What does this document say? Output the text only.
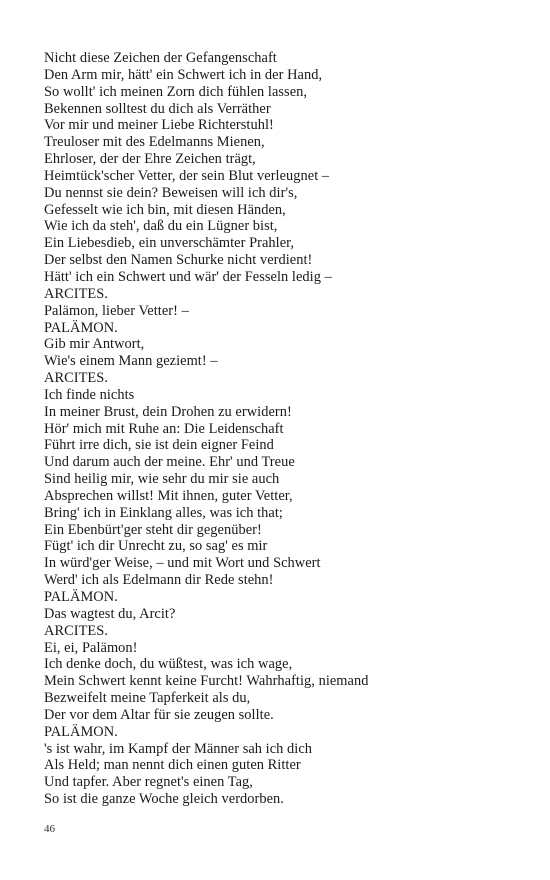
Nicht diese Zeichen der Gefangenschaft
Den Arm mir, hätt' ein Schwert ich in der Hand,
So wollt' ich meinen Zorn dich fühlen lassen,
Bekennen solltest du dich als Verräther
Vor mir und meiner Liebe Richterstuhl!
Treuloser mit des Edelmanns Mienen,
Ehrloser, der der Ehre Zeichen trägt,
Heimtück'scher Vetter, der sein Blut verleugnet –
Du nennst sie dein? Beweisen will ich dir's,
Gefesselt wie ich bin, mit diesen Händen,
Wie ich da steh', daß du ein Lügner bist,
Ein Liebesdieb, ein unverschämter Prahler,
Der selbst den Namen Schurke nicht verdient!
Hätt' ich ein Schwert und wär' der Fesseln ledig –
ARCITES.
Palämon, lieber Vetter! –
PALÄMON.
Gib mir Antwort,
Wie's einem Mann geziemt! –
ARCITES.
Ich finde nichts
In meiner Brust, dein Drohen zu erwidern!
Hör' mich mit Ruhe an: Die Leidenschaft
Führt irre dich, sie ist dein eigner Feind
Und darum auch der meine. Ehr' und Treue
Sind heilig mir, wie sehr du mir sie auch
Absprechen willst! Mit ihnen, guter Vetter,
Bring' ich in Einklang alles, was ich that;
Ein Ebenbürt'ger steht dir gegenüber!
Fügt' ich dir Unrecht zu, so sag' es mir
In würd'ger Weise, – und mit Wort und Schwert
Werd' ich als Edelmann dir Rede stehn!
PALÄMON.
Das wagtest du, Arcit?
ARCITES.
Ei, ei, Palämon!
Ich denke doch, du wüßtest, was ich wage,
Mein Schwert kennt keine Furcht! Wahrhaftig, niemand
Bezweifelt meine Tapferkeit als du,
Der vor dem Altar für sie zeugen sollte.
PALÄMON.
's ist wahr, im Kampf der Männer sah ich dich
Als Held; man nennt dich einen guten Ritter
Und tapfer. Aber regnet's einen Tag,
So ist die ganze Woche gleich verdorben.
46
